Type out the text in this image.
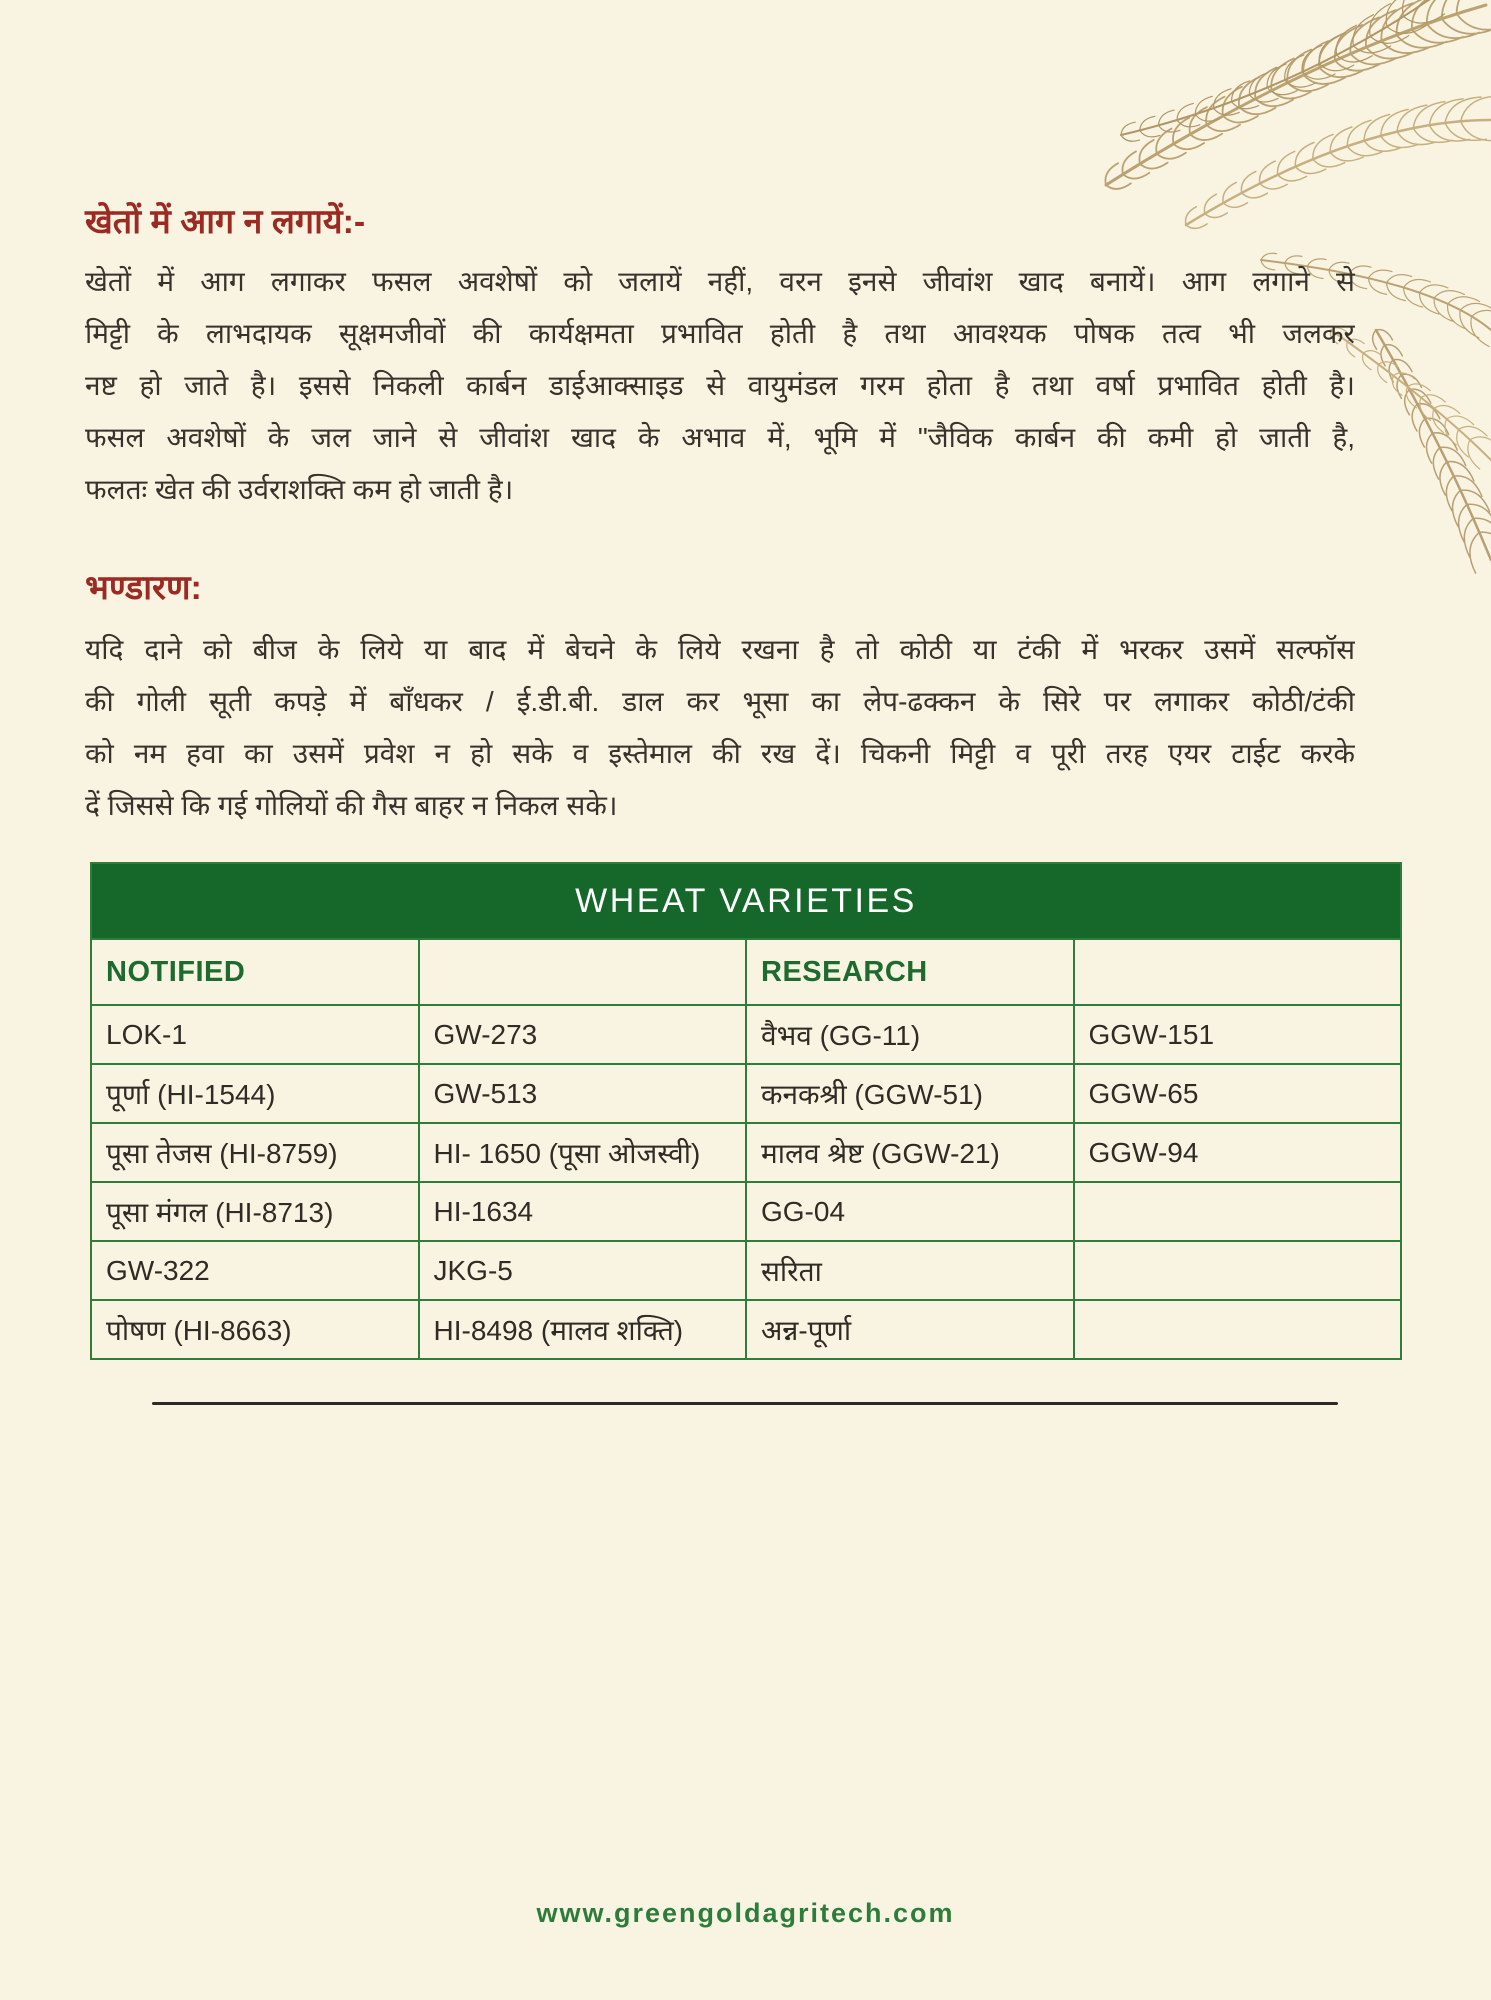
खेतों में आग न लगायें:-
खेतों में आग लगाकर फसल अवशेषों को जलायें नहीं, वरन इनसे जीवांश खाद बनायें। आग लगाने से
मिट्टी के लाभदायक सूक्षमजीवों की कार्यक्षमता प्रभावित होती है तथा आवश्यक पोषक तत्व भी जलकर
नष्ट हो जाते है। इससे निकली कार्बन डाईआक्साइड से वायुमंडल गरम होता है तथा वर्षा प्रभावित होती है।
फसल अवशेषों के जल जाने से जीवांश खाद के अभाव में, भूमि में "जैविक कार्बन की कमी हो जाती है,
फलतः खेत की उर्वराशक्ति कम हो जाती है।
भण्डारण:
यदि दाने को बीज के लिये या बाद में बेचने के लिये रखना है तो कोठी या टंकी में भरकर उसमें सल्फॉस
की गोली सूती कपड़े में बाँधकर / ई.डी.बी. डाल कर भूसा का लेप-ढक्कन के सिरे पर लगाकर कोठी/टंकी
को नम हवा का उसमें प्रवेश न हो सके व इस्तेमाल की रख दें। चिकनी मिट्टी व पूरी तरह एयर टाईट करके
दें जिससे कि गई गोलियों की गैस बाहर न निकल सके।
WHEAT VARIETIES			
NOTIFIED		RESEARCH	
LOK-1	GW-273	वैभव (GG-11)	GGW-151
पूर्णा (HI-1544)	GW-513	कनकश्री (GGW-51)	GGW-65
पूसा तेजस (HI-8759)	HI- 1650 (पूसा ओजस्वी)	मालव श्रेष्ट (GGW-21)	GGW-94
पूसा मंगल (HI-8713)	HI-1634	GG-04	
GW-322	JKG-5	सरिता	
पोषण (HI-8663)	HI-8498 (मालव शक्ति)	अन्न-पूर्णा	
www.greengoldagritech.com
